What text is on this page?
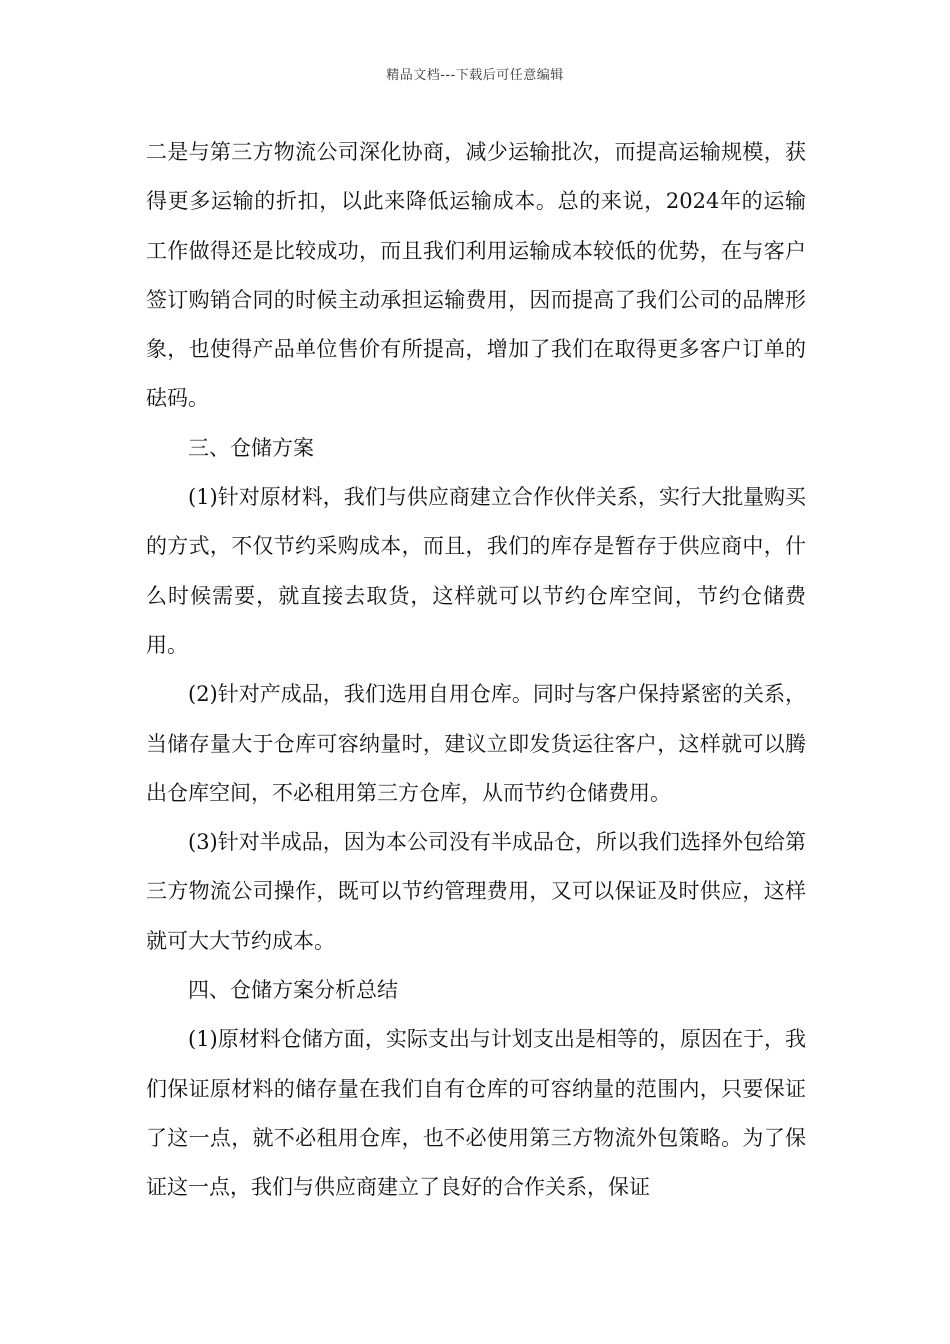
精品文档---下载后可任意编辑

二是与第三方物流公司深化协商，减少运输批次，而提高运输规模，获得更多运输的折扣，以此来降低运输成本。总的来说，2024年的运输工作做得还是比较成功，而且我们利用运输成本较低的优势，在与客户签订购销合同的时候主动承担运输费用，因而提高了我们公司的品牌形象，也使得产品单位售价有所提高，增加了我们在取得更多客户订单的砝码。

三、仓储方案

(1)针对原材料，我们与供应商建立合作伙伴关系，实行大批量购买的方式，不仅节约采购成本，而且，我们的库存是暂存于供应商中，什么时候需要，就直接去取货，这样就可以节约仓库空间，节约仓储费用。

(2)针对产成品，我们选用自用仓库。同时与客户保持紧密的关系，当储存量大于仓库可容纳量时，建议立即发货运往客户，这样就可以腾出仓库空间，不必租用第三方仓库，从而节约仓储费用。

(3)针对半成品，因为本公司没有半成品仓，所以我们选择外包给第三方物流公司操作，既可以节约管理费用，又可以保证及时供应，这样就可大大节约成本。

四、仓储方案分析总结

(1)原材料仓储方面，实际支出与计划支出是相等的，原因在于，我们保证原材料的储存量在我们自有仓库的可容纳量的范围内，只要保证了这一点，就不必租用仓库，也不必使用第三方物流外包策略。为了保证这一点，我们与供应商建立了良好的合作关系，保证
